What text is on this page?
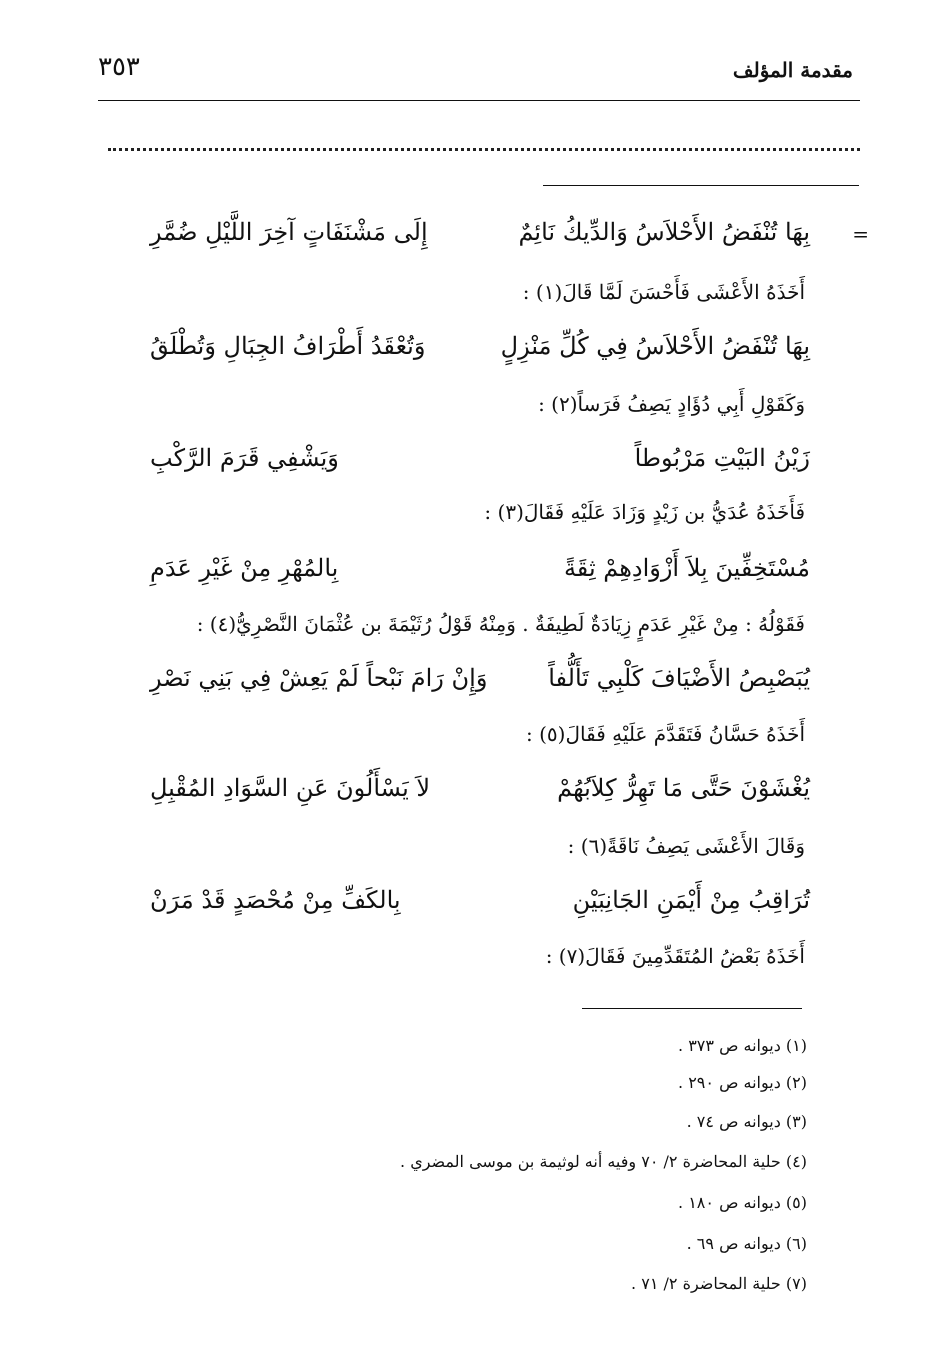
مقدمة المؤلف
٣٥٣
=
بِهَا تُنْفَضُ الأَحْلاَسُ وَالدِّيكُ نَائِمٌ
إِلَى مَشْنَفَاتٍ آخِرَ اللَّيْلِ ضُمَّرِ
أَخَذَهُ الأَعْشَى فَأَحْسَنَ لَمَّا قَالَ(١) :
بِهَا تُنْفَضُ الأَحْلاَسُ فِي كُلِّ مَنْزِلٍ
وَتُعْقَدُ أَطْرَافُ الجِبَالِ وَتُطْلَقُ
وَكَقَوْلِ أَبِي دُؤَادٍ يَصِفُ فَرَساً(٢) :
زَيْنُ البَيْتِ مَرْبُوطاً
وَيَشْفِي قَرَمَ الرَّكْبِ
فَأَخَذَهُ عُدَيُّ بن زَيْدٍ وَزَادَ عَلَيْهِ فَقَالَ(٣) :
مُسْتَخِفِّينَ بِلاَ أَزْوَادِهِمْ ثِقَةً
بِالمُهْرِ مِنْ غَيْرِ عَدَمِ
فَقَوْلُهُ : مِنْ غَيْرِ عَدَمٍ زِيَادَةٌ لَطِيفَةٌ . وَمِنْهُ قَوْلُ رُثَيْمَةَ بن عُثْمَانَ النَّصْرِيُّ(٤) :
يُبَصْبِصُ الأَضْيَافَ كَلْبِي تَأَلُّفاً
وَإِنْ رَامَ نَبْحاً لَمْ يَعِشْ فِي بَنِي نَصْرِ
أَخَذَهُ حَسَّانُ فَتَقَدَّمَ عَلَيْهِ فَقَالَ(٥) :
يُغْشَوْنَ حَتَّى مَا تَهِرُّ كِلاَبُهُمْ
لاَ يَسْأَلُونَ عَنِ السَّوَادِ المُقْبِلِ
وَقَالَ الأَعْشَى يَصِفُ نَاقَةً(٦) :
تُرَاقِبُ مِنْ أَيْمَنِ الجَانِبَيْنِ
بِالكَفِّ مِنْ مُحْصَدٍ قَدْ مَرَنْ
أَخَذَهُ بَعْضُ المُتَقَدِّمِينَ فَقَالَ(٧) :
(١) ديوانه ص ٣٧٣ .
(٢) ديوانه ص ٢٩٠ .
(٣) ديوانه ص ٧٤ .
(٤) حلية المحاضرة ٢/ ٧٠ وفيه أنه لوثيمة بن موسى المضري .
(٥) ديوانه ص ١٨٠ .
(٦) ديوانه ص ٦٩ .
(٧) حلية المحاضرة ٢/ ٧١ .
